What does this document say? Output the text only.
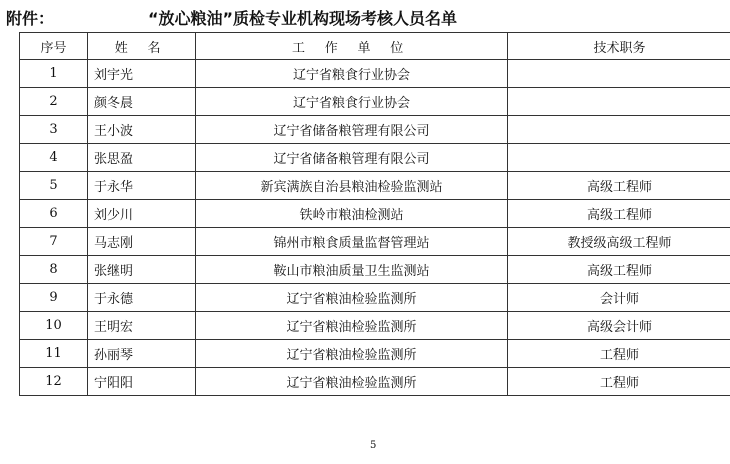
附件：	“放心粮油”质检专业机构现场考核人员名单
序号	姓 名	工 作 单 位	技术职务
1	刘宇光	辽宁省粮食行业协会	
2	颜冬晨	辽宁省粮食行业协会	
3	王小波	辽宁省储备粮管理有限公司	
4	张思盈	辽宁省储备粮管理有限公司	
5	于永华	新宾满族自治县粮油检验监测站	高级工程师
6	刘少川	铁岭市粮油检测站	高级工程师
7	马志刚	锦州市粮食质量监督管理站	教授级高级工程师
8	张继明	鞍山市粮油质量卫生监测站	高级工程师
9	于永德	辽宁省粮油检验监测所	会计师
10	王明宏	辽宁省粮油检验监测所	高级会计师
11	孙丽琴	辽宁省粮油检验监测所	工程师
12	宁阳阳	辽宁省粮油检验监测所	工程师
5
